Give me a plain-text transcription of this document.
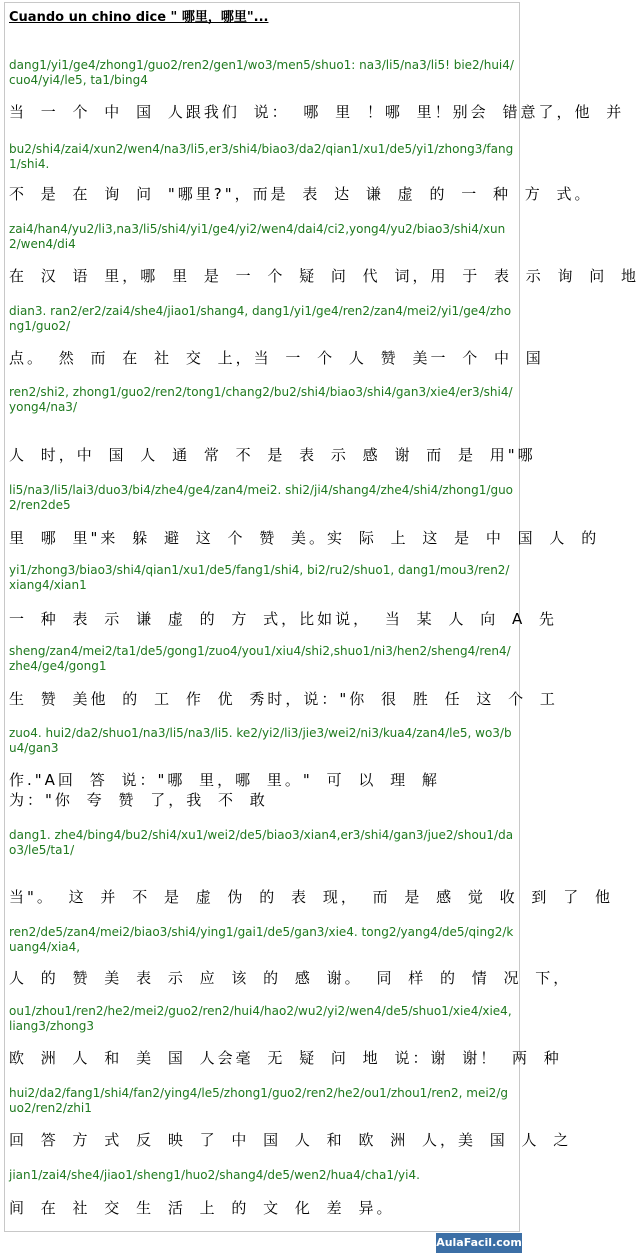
Cuando un chino dice " 哪里，哪里"...
dang1/yi1/ge4/zhong1/guo2/ren2/gen1/wo3/men5/shuo1: na3/li5/na3/li5! bie2/hui4/cuo4/yi4/le5, ta1/bing4
当 一 个 中 国 人跟我们 说： 哪 里 ！哪 里！别会 错意了，他 并
bu2/shi4/zai4/xun2/wen4/na3/li5,er3/shi4/biao3/da2/qian1/xu1/de5/yi1/zhong3/fang1/shi4.
不 是 在 询 问 "哪里?"，而是 表 达 谦 虚 的 一 种 方 式。
zai4/han4/yu2/li3,na3/li5/shi4/yi1/ge4/yi2/wen4/dai4/ci2,yong4/yu2/biao3/shi4/xun2/wen4/di4
在 汉 语 里，哪 里 是 一 个 疑 问 代 词，用 于 表 示 询 问 地
dian3. ran2/er2/zai4/she4/jiao1/shang4, dang1/yi1/ge4/ren2/zan4/mei2/yi1/ge4/zhong1/guo2/
点。 然 而 在 社 交 上，当 一 个 人 赞 美一 个 中 国
ren2/shi2, zhong1/guo2/ren2/tong1/chang2/bu2/shi4/biao3/shi4/gan3/xie4/er3/shi4/yong4/na3/
人 时，中 国 人 通 常 不 是 表 示 感 谢 而 是 用"哪
li5/na3/li5/lai3/duo3/bi4/zhe4/ge4/zan4/mei2. shi2/ji4/shang4/zhe4/shi4/zhong1/guo2/ren2de5
里 哪 里"来 躲 避 这 个 赞 美。实 际 上 这 是 中 国 人 的
yi1/zhong3/biao3/shi4/qian1/xu1/de5/fang1/shi4, bi2/ru2/shuo1, dang1/mou3/ren2/xiang4/xian1
一 种 表 示 谦 虚 的 方 式，比如说， 当 某 人 向 A 先
sheng/zan4/mei2/ta1/de5/gong1/zuo4/you1/xiu4/shi2,shuo1/ni3/hen2/sheng4/ren4/zhe4/ge4/gong1
生 赞 美他 的 工 作 优 秀时，说："你 很 胜 任 这 个 工
zuo4. hui2/da2/shuo1/na3/li5/na3/li5. ke2/yi2/li3/jie3/wei2/ni3/kua4/zan4/le5, wo3/bu4/gan3
作."A回 答 说："哪 里，哪 里。" 可 以 理 解 为："你 夸 赞 了，我 不 敢
dang1. zhe4/bing4/bu2/shi4/xu1/wei2/de5/biao3/xian4,er3/shi4/gan3/jue2/shou1/dao3/le5/ta1/
当"。 这 并 不 是 虚 伪 的 表 现， 而 是 感 觉 收 到 了 他
ren2/de5/zan4/mei2/biao3/shi4/ying1/gai1/de5/gan3/xie4. tong2/yang4/de5/qing2/kuang4/xia4,
人 的 赞 美 表 示 应 该 的 感 谢。 同 样 的 情 况 下，
ou1/zhou1/ren2/he2/mei2/guo2/ren2/hui4/hao2/wu2/yi2/wen4/de5/shuo1/xie4/xie4, liang3/zhong3
欧 洲 人 和 美 国 人会毫 无 疑 问 地 说：谢 谢！ 两 种
hui2/da2/fang1/shi4/fan2/ying4/le5/zhong1/guo2/ren2/he2/ou1/zhou1/ren2, mei2/guo2/ren2/zhi1
回 答 方 式 反 映 了 中 国 人 和 欧 洲 人，美 国 人 之
jian1/zai4/she4/jiao1/sheng1/huo2/shang4/de5/wen2/hua4/cha1/yi4.
间 在 社 交 生 活 上 的 文 化 差 异。
AulaFacil.com
